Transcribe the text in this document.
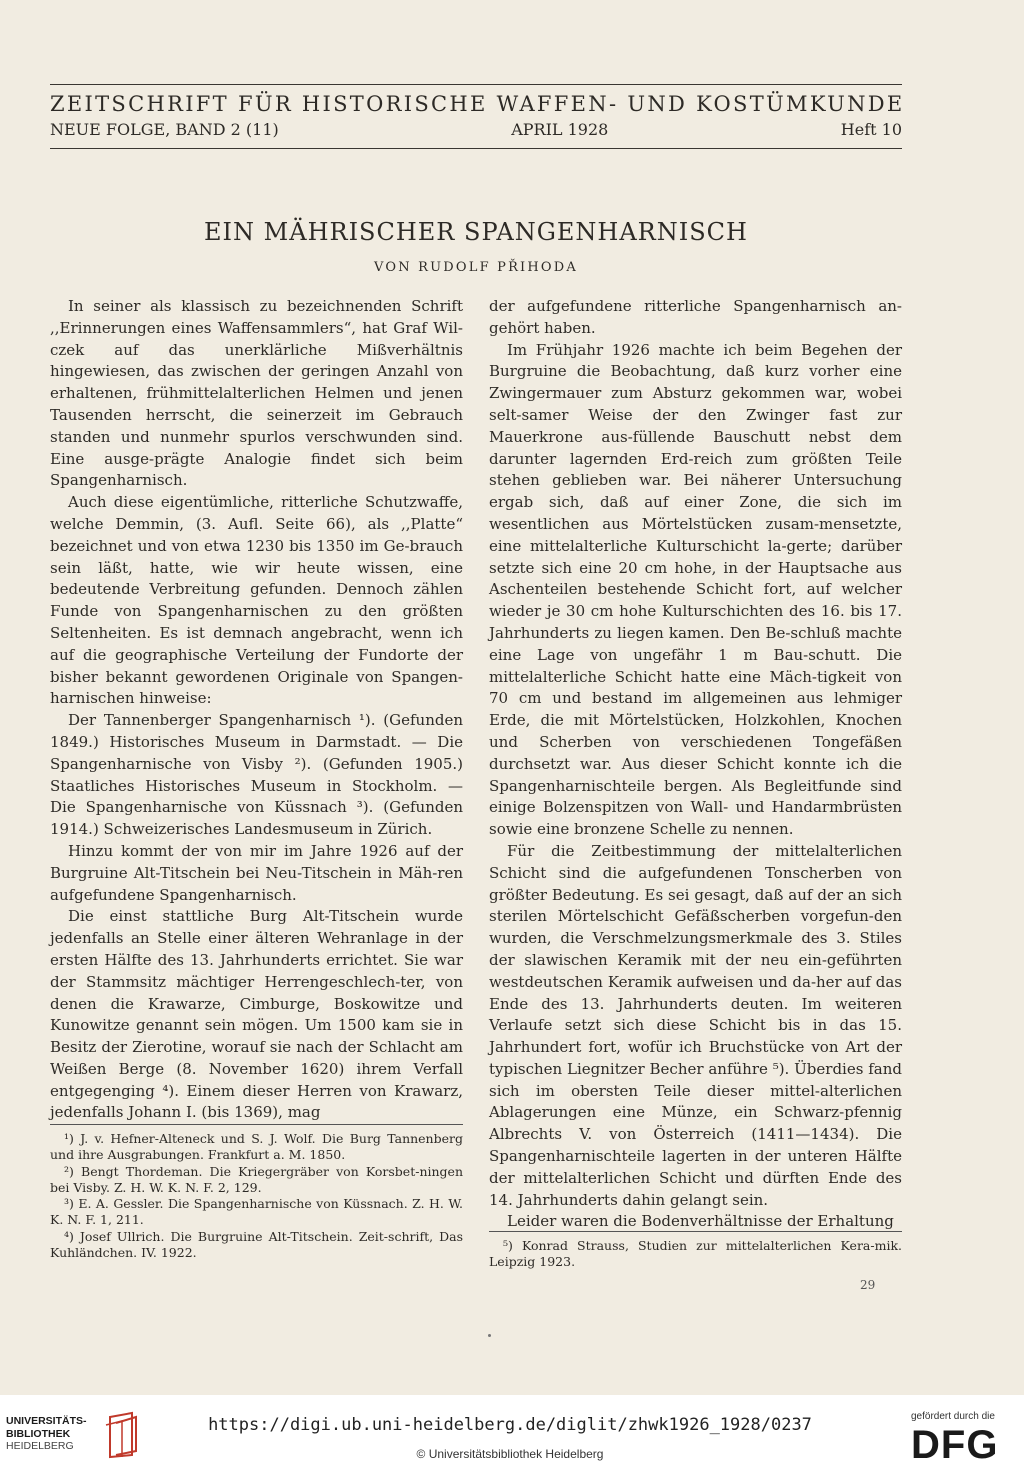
ZEITSCHRIFT FÜR HISTORISCHE WAFFEN- UND KOSTÜMKUNDE
NEUE FOLGE, BAND 2 (11)	APRIL 1928	Heft 10
EIN MÄHRISCHER SPANGENHARNISCH
VON RUDOLF PŘIHODA

In seiner als klassisch zu bezeichnenden Schrift ,,Erinnerungen eines Waffensammlers“, hat Graf Wil-czek auf das unerklärliche Mißverhältnis hingewiesen, das zwischen der geringen Anzahl von erhaltenen, frühmittelalterlichen Helmen und jenen Tausenden herrscht, die seinerzeit im Gebrauch standen und nunmehr spurlos verschwunden sind. Eine ausge-prägte Analogie findet sich beim Spangenharnisch.

Auch diese eigentümliche, ritterliche Schutzwaffe, welche Demmin, (3. Aufl. Seite 66), als ,,Platte“ bezeichnet und von etwa 1230 bis 1350 im Ge-brauch sein läßt, hatte, wie wir heute wissen, eine bedeutende Verbreitung gefunden. Dennoch zählen Funde von Spangenharnischen zu den größten Seltenheiten. Es ist demnach angebracht, wenn ich auf die geographische Verteilung der Fundorte der bisher bekannt gewordenen Originale von Spangen-harnischen hinweise:

Der Tannenberger Spangenharnisch ¹). (Gefunden 1849.) Historisches Museum in Darmstadt. — Die Spangenharnische von Visby ²). (Gefunden 1905.) Staatliches Historisches Museum in Stockholm. — Die Spangenharnische von Küssnach ³). (Gefunden 1914.) Schweizerisches Landesmuseum in Zürich.

Hinzu kommt der von mir im Jahre 1926 auf der Burgruine Alt-Titschein bei Neu-Titschein in Mäh-ren aufgefundene Spangenharnisch.

Die einst stattliche Burg Alt-Titschein wurde jedenfalls an Stelle einer älteren Wehranlage in der ersten Hälfte des 13. Jahrhunderts errichtet. Sie war der Stammsitz mächtiger Herrengeschlech-ter, von denen die Krawarze, Cimburge, Boskowitze und Kunowitze genannt sein mögen. Um 1500 kam sie in Besitz der Zierotine, worauf sie nach der Schlacht am Weißen Berge (8. November 1620) ihrem Verfall entgegenging ⁴). Einem dieser Herren von Krawarz, jedenfalls Johann I. (bis 1369), mag

¹) J. v. Hefner-Alteneck und S. J. Wolf. Die Burg Tannenberg und ihre Ausgrabungen. Frankfurt a. M. 1850.

²) Bengt Thordeman. Die Kriegergräber von Korsbet-ningen bei Visby. Z. H. W. K. N. F. 2, 129.

³) E. A. Gessler. Die Spangenharnische von Küssnach. Z. H. W. K. N. F. 1, 211.

⁴) Josef Ullrich. Die Burgruine Alt-Titschein. Zeit-schrift, Das Kuhländchen. IV. 1922.

der aufgefundene ritterliche Spangenharnisch an-gehört haben.

Im Frühjahr 1926 machte ich beim Begehen der Burgruine die Beobachtung, daß kurz vorher eine Zwingermauer zum Absturz gekommen war, wobei selt-samer Weise der den Zwinger fast zur Mauerkrone aus-füllende Bauschutt nebst dem darunter lagernden Erd-reich zum größten Teile stehen geblieben war. Bei näherer Untersuchung ergab sich, daß auf einer Zone, die sich im wesentlichen aus Mörtelstücken zusam-mensetzte, eine mittelalterliche Kulturschicht la-gerte; darüber setzte sich eine 20 cm hohe, in der Hauptsache aus Aschenteilen bestehende Schicht fort, auf welcher wieder je 30 cm hohe Kulturschichten des 16. bis 17. Jahrhunderts zu liegen kamen. Den Be-schluß machte eine Lage von ungefähr 1 m Bau-schutt. Die mittelalterliche Schicht hatte eine Mäch-tigkeit von 70 cm und bestand im allgemeinen aus lehmiger Erde, die mit Mörtelstücken, Holzkohlen, Knochen und Scherben von verschiedenen Tongefäßen durchsetzt war. Aus dieser Schicht konnte ich die Spangenharnischteile bergen. Als Begleitfunde sind einige Bolzenspitzen von Wall- und Handarmbrüsten sowie eine bronzene Schelle zu nennen.

Für die Zeitbestimmung der mittelalterlichen Schicht sind die aufgefundenen Tonscherben von größter Bedeutung. Es sei gesagt, daß auf der an sich sterilen Mörtelschicht Gefäßscherben vorgefun-den wurden, die Verschmelzungsmerkmale des 3. Stiles der slawischen Keramik mit der neu ein-geführten westdeutschen Keramik aufweisen und da-her auf das Ende des 13. Jahrhunderts deuten. Im weiteren Verlaufe setzt sich diese Schicht bis in das 15. Jahrhundert fort, wofür ich Bruchstücke von Art der typischen Liegnitzer Becher anführe ⁵). Überdies fand sich im obersten Teile dieser mittel-alterlichen Ablagerungen eine Münze, ein Schwarz-pfennig Albrechts V. von Österreich (1411—1434). Die Spangenharnischteile lagerten in der unteren Hälfte der mittelalterlichen Schicht und dürften Ende des 14. Jahrhunderts dahin gelangt sein.

Leider waren die Bodenverhältnisse der Erhaltung

⁵) Konrad Strauss, Studien zur mittelalterlichen Kera-mik. Leipzig 1923.

29
UNIVERSITÄTS-
BIBLIOTHEK
HEIDELBERG
https://digi.ub.uni-heidelberg.de/diglit/zhwk1926_1928/0237
© Universitätsbibliothek Heidelberg
gefördert durch die
DFG
